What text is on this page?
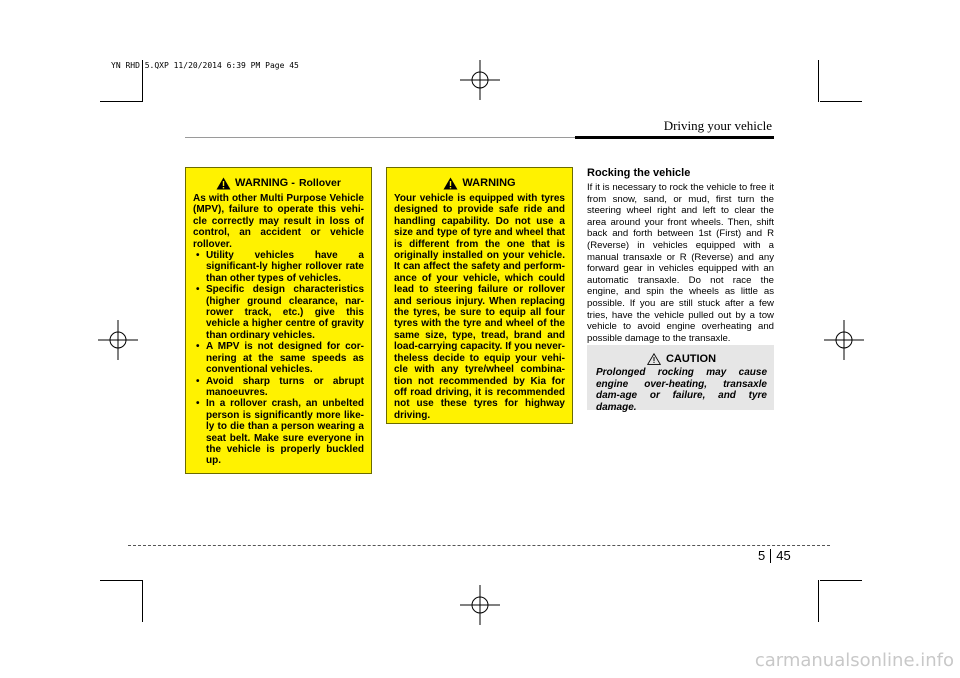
YN RHD 5.QXP 11/20/2014 6:39 PM Page 45
Driving your vehicle
WARNING - Rollover
As with other Multi Purpose Vehicle (MPV), failure to operate this vehi-cle correctly may result in loss of control, an accident or vehicle rollover.
• Utility vehicles have a significant-ly higher rollover rate than other types of vehicles.
• Specific design characteristics (higher ground clearance, nar-rower track, etc.) give this vehicle a higher centre of gravity than ordinary vehicles.
• A MPV is not designed for cor-nering at the same speeds as conventional vehicles.
• Avoid sharp turns or abrupt manoeuvres.
• In a rollover crash, an unbelted person is significantly more like-ly to die than a person wearing a seat belt. Make sure everyone in the vehicle is properly buckled up.
WARNING
Your vehicle is equipped with tyres designed to provide safe ride and handling capability. Do not use a size and type of tyre and wheel that is different from the one that is originally installed on your vehicle. It can affect the safety and perform-ance of your vehicle, which could lead to steering failure or rollover and serious injury. When replacing the tyres, be sure to equip all four tyres with the tyre and wheel of the same size, type, tread, brand and load-carrying capacity. If you never-theless decide to equip your vehi-cle with any tyre/wheel combina-tion not recommended by Kia for off road driving, it is recommended not use these tyres for highway driving.
Rocking the vehicle
If it is necessary to rock the vehicle to free it from snow, sand, or mud, first turn the steering wheel right and left to clear the area around your front wheels. Then, shift back and forth between 1st (First) and R (Reverse) in vehicles equipped with a manual transaxle or R (Reverse) and any forward gear in vehicles equipped with an automatic transaxle. Do not race the engine, and spin the wheels as little as possible. If you are still stuck after a few tries, have the vehicle pulled out by a tow vehicle to avoid engine overheating and possible damage to the transaxle.
CAUTION
Prolonged rocking may cause engine over-heating, transaxle dam-age or failure, and tyre damage.
5 45
carmanualsonline.info
